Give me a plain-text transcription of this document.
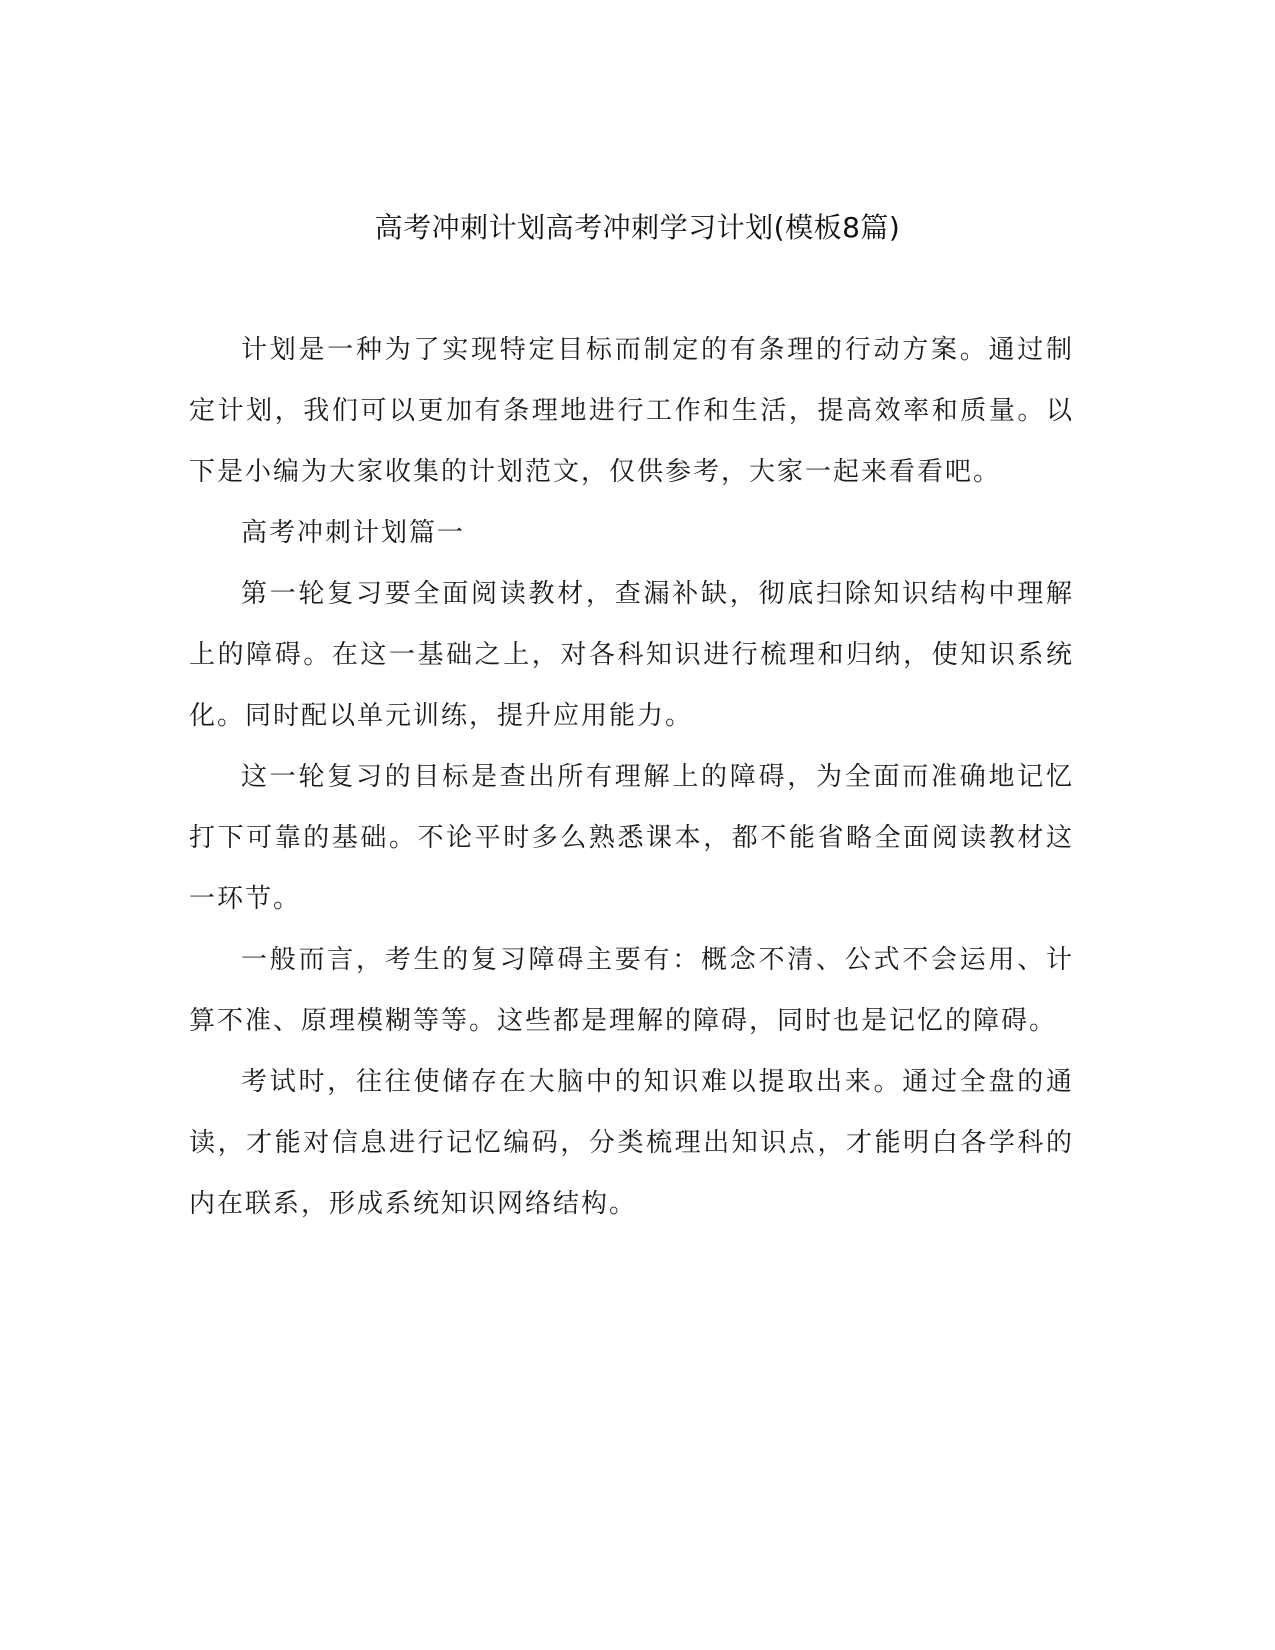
高考冲刺计划高考冲刺学习计划(模板8篇)

计划是一种为了实现特定目标而制定的有条理的行动方案。通过制定计划，我们可以更加有条理地进行工作和生活，提高效率和质量。以下是小编为大家收集的计划范文，仅供参考，大家一起来看看吧。

高考冲刺计划篇一

第一轮复习要全面阅读教材，查漏补缺，彻底扫除知识结构中理解上的障碍。在这一基础之上，对各科知识进行梳理和归纳，使知识系统化。同时配以单元训练，提升应用能力。

这一轮复习的目标是查出所有理解上的障碍，为全面而准确地记忆打下可靠的基础。不论平时多么熟悉课本，都不能省略全面阅读教材这一环节。

一般而言，考生的复习障碍主要有：概念不清、公式不会运用、计算不准、原理模糊等等。这些都是理解的障碍，同时也是记忆的障碍。

考试时，往往使储存在大脑中的知识难以提取出来。通过全盘的通读，才能对信息进行记忆编码，分类梳理出知识点，才能明白各学科的内在联系，形成系统知识网络结构。
